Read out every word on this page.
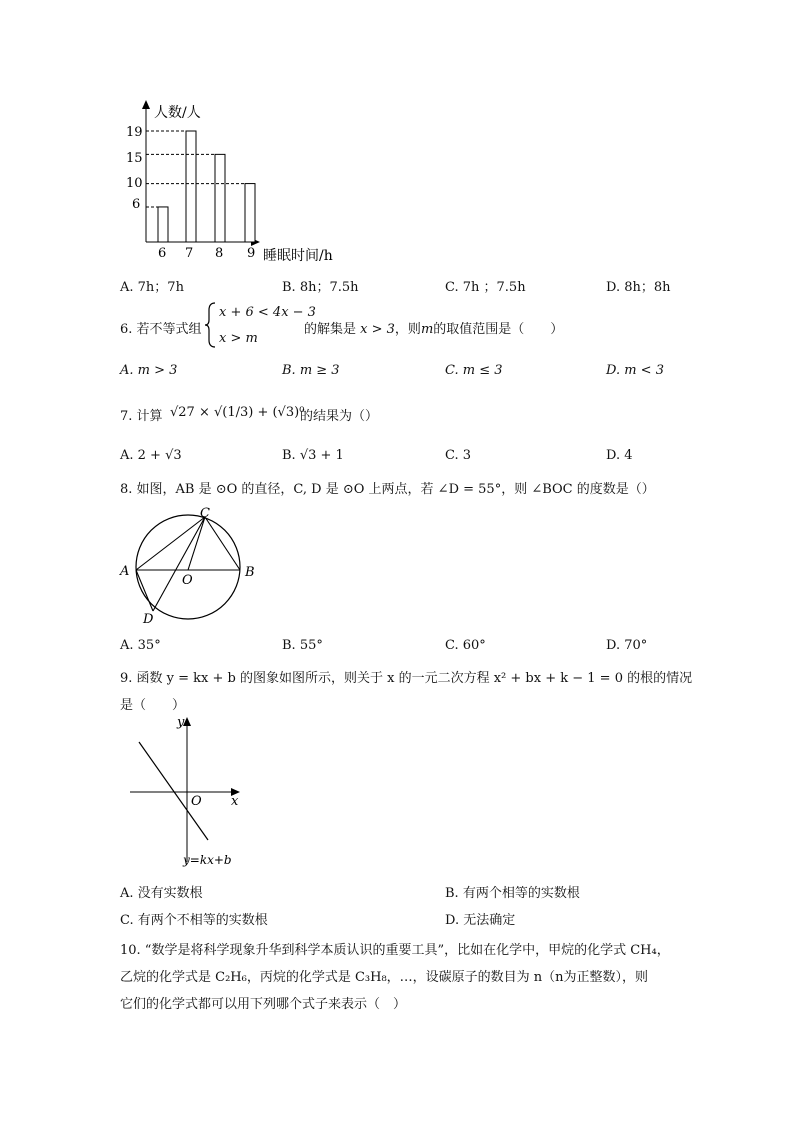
人数/人
19
15
10
6
6 7 8 9 睡眠时间/h
A. 7h；7h	B. 8h；7.5h	C. 7h ；7.5h	D. 8h；8h
6. 若不等式组
x + 6 < 4x − 3
x > m
的解集是 x > 3，则m的取值范围是（　　）
A. m > 3	B. m ≥ 3	C. m ≤ 3	D. m < 3
7. 计算 √27 × √(1/3) + (√3)⁰
的结果为（）
A. 2 + √3	B. √3 + 1	C. 3	D. 4
8. 如图，AB 是 ⊙O 的直径，C, D 是 ⊙O 上两点，若 ∠D = 55°，则 ∠BOC 的度数是（）
C
A	B
O
D
A. 35°	B. 55°	C. 60°	D. 70°
9. 函数 y = kx + b 的图象如图所示，则关于 x 的一元二次方程 x² + bx + k − 1 = 0 的根的情况
是（　　）
y
x
O
y=kx+b
A. 没有实数根	B. 有两个相等的实数根
C. 有两个不相等的实数根	D. 无法确定
10. “数学是将科学现象升华到科学本质认识的重要工具”，比如在化学中，甲烷的化学式 CH₄，
乙烷的化学式是 C₂H₆，丙烷的化学式是 C₃H₈，…，设碳原子的数目为 n（n为正整数），则
它们的化学式都可以用下列哪个式子来表示（　）
